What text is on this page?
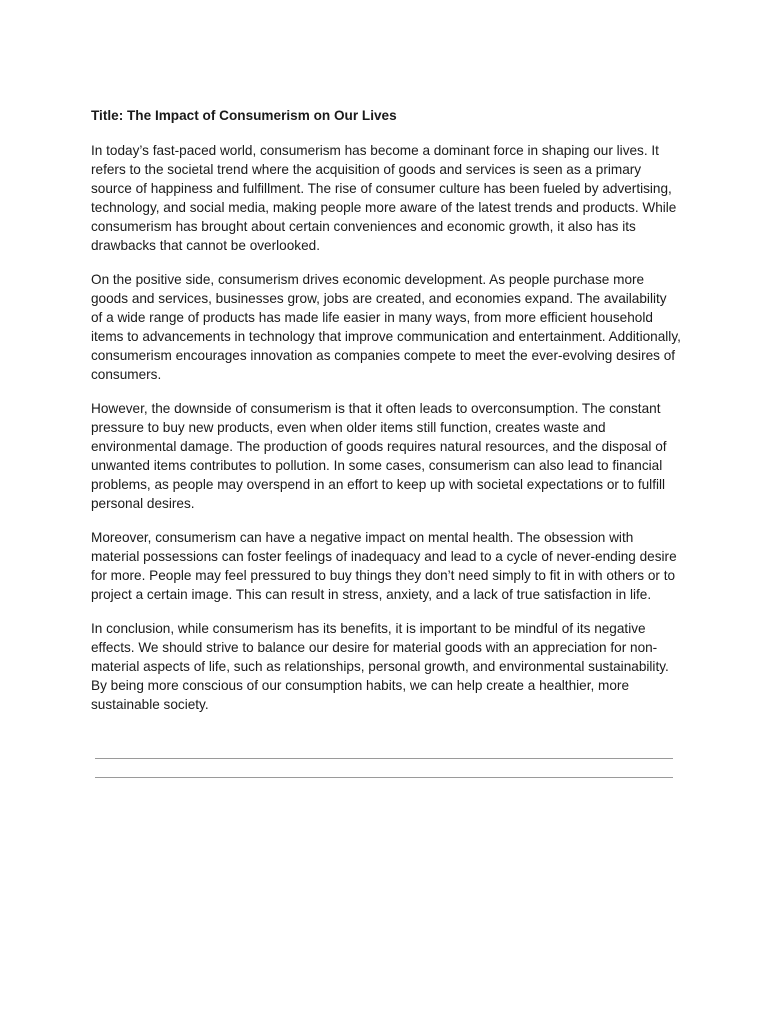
Title: The Impact of Consumerism on Our Lives

In today’s fast-paced world, consumerism has become a dominant force in shaping our lives. It refers to the societal trend where the acquisition of goods and services is seen as a primary source of happiness and fulfillment. The rise of consumer culture has been fueled by advertising, technology, and social media, making people more aware of the latest trends and products. While consumerism has brought about certain conveniences and economic growth, it also has its drawbacks that cannot be overlooked.

On the positive side, consumerism drives economic development. As people purchase more goods and services, businesses grow, jobs are created, and economies expand. The availability of a wide range of products has made life easier in many ways, from more efficient household items to advancements in technology that improve communication and entertainment. Additionally, consumerism encourages innovation as companies compete to meet the ever-evolving desires of consumers.

However, the downside of consumerism is that it often leads to overconsumption. The constant pressure to buy new products, even when older items still function, creates waste and environmental damage. The production of goods requires natural resources, and the disposal of unwanted items contributes to pollution. In some cases, consumerism can also lead to financial problems, as people may overspend in an effort to keep up with societal expectations or to fulfill personal desires.

Moreover, consumerism can have a negative impact on mental health. The obsession with material possessions can foster feelings of inadequacy and lead to a cycle of never-ending desire for more. People may feel pressured to buy things they don’t need simply to fit in with others or to project a certain image. This can result in stress, anxiety, and a lack of true satisfaction in life.

In conclusion, while consumerism has its benefits, it is important to be mindful of its negative effects. We should strive to balance our desire for material goods with an appreciation for non-material aspects of life, such as relationships, personal growth, and environmental sustainability. By being more conscious of our consumption habits, we can help create a healthier, more sustainable society.
